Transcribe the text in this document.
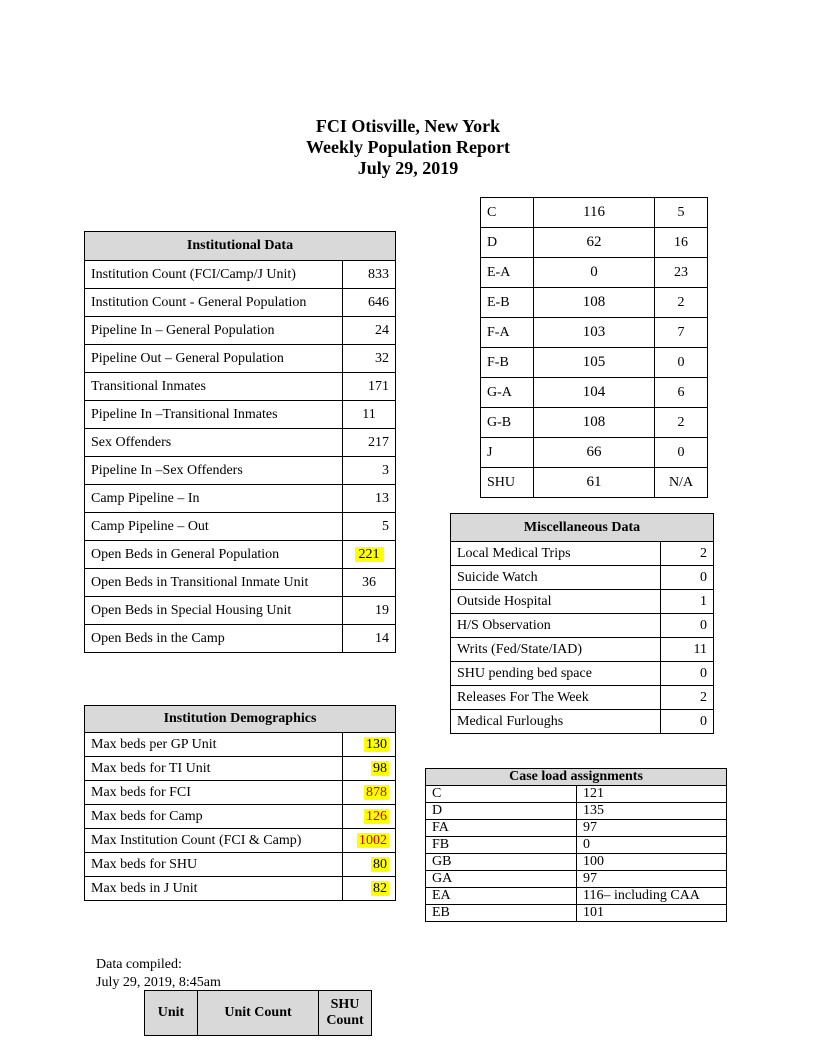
FCI Otisville, New York
Weekly Population Report
July 29, 2019
Institutional Data	
Institution Count (FCI/Camp/J Unit)	833
Institution Count - General Population	646
Pipeline In – General Population	24
Pipeline Out – General Population	32
Transitional Inmates	171
Pipeline In –Transitional Inmates	11
Sex Offenders	217
Pipeline In –Sex Offenders	3
Camp Pipeline – In	13
Camp Pipeline – Out	5
Open Beds in General Population	221
Open Beds in Transitional Inmate Unit	36
Open Beds in Special Housing Unit	19
Open Beds in the Camp	14
C	116	5
D	62	16
E-A	0	23
E-B	108	2
F-A	103	7
F-B	105	0
G-A	104	6
G-B	108	2
J	66	0
SHU	61	N/A
Miscellaneous Data	
Local Medical Trips	2
Suicide Watch	0
Outside Hospital	1
H/S Observation	0
Writs (Fed/State/IAD)	11
SHU pending bed space	0
Releases For The Week	2
Medical Furloughs	0
Institution Demographics	
Max beds per GP Unit	130
Max beds for TI Unit	98
Max beds for FCI	878
Max beds for Camp	126
Max Institution Count (FCI & Camp)	1002
Max beds for SHU	80
Max beds in J Unit	82
Case load assignments	
C	121
D	135
FA	97
FB	0
GB	100
GA	97
EA	116– including CAA
EB	101
Data compiled:
July 29, 2019, 8:45am
Unit	Unit Count	SHU Count
